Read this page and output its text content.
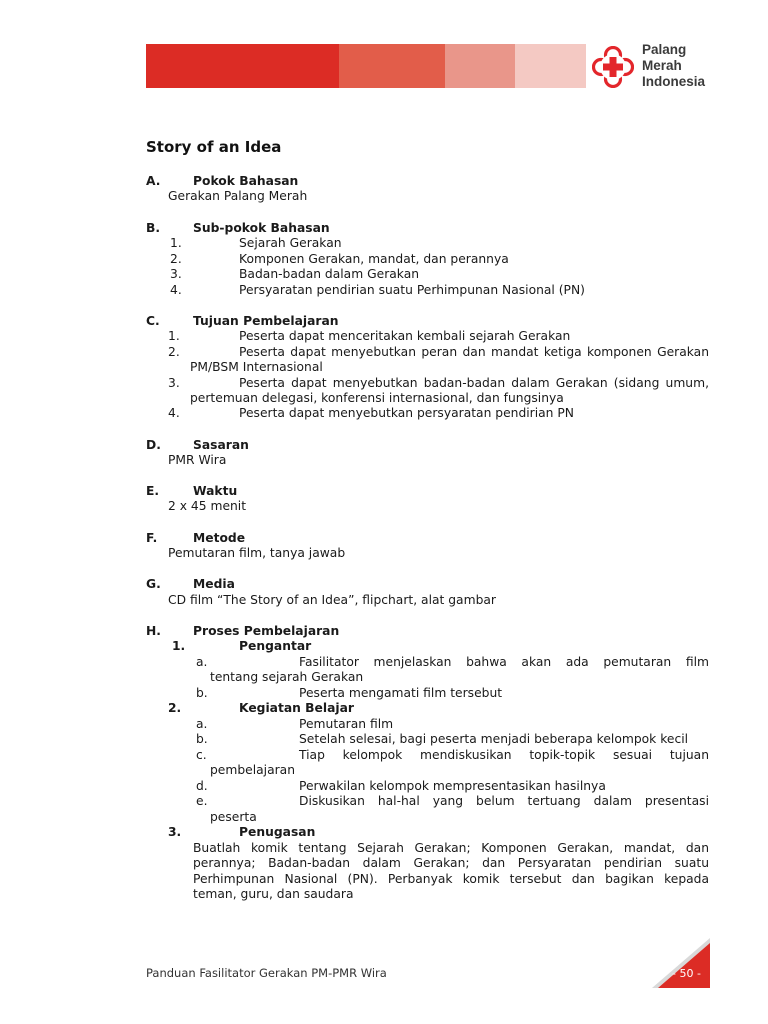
Palang
Merah
Indonesia
Story of an Idea
A.	Pokok Bahasan
Gerakan Palang Merah
B.	Sub-pokok Bahasan
1.	Sejarah Gerakan
2.	Komponen Gerakan, mandat, dan perannya
3.	Badan-badan dalam Gerakan
4.	Persyaratan pendirian suatu Perhimpunan Nasional (PN)
C.	Tujuan Pembelajaran
1.	Peserta dapat menceritakan kembali sejarah Gerakan
2.	Peserta dapat menyebutkan peran dan mandat ketiga komponen Gerakan
PM/BSM Internasional
3.	Peserta dapat menyebutkan badan-badan dalam Gerakan (sidang umum,
pertemuan delegasi, konferensi internasional, dan fungsinya
4.	Peserta dapat menyebutkan persyaratan pendirian PN
D.	Sasaran
PMR Wira
E.	Waktu
2 x 45 menit
F.	Metode
Pemutaran film, tanya jawab
G.	Media
CD film “The Story of an Idea”, flipchart, alat gambar
H.	Proses Pembelajaran
1.	Pengantar
a.	Fasilitator menjelaskan bahwa akan ada pemutaran film
tentang sejarah Gerakan
b.	Peserta mengamati film tersebut
2.	Kegiatan Belajar
a.	Pemutaran film
b.	Setelah selesai, bagi peserta menjadi beberapa kelompok kecil
c.	Tiap kelompok mendiskusikan topik-topik sesuai tujuan
pembelajaran
d.	Perwakilan kelompok mempresentasikan hasilnya
e.	Diskusikan hal-hal yang belum tertuang dalam presentasi
peserta
3.	Penugasan
Buatlah komik tentang Sejarah Gerakan; Komponen Gerakan, mandat, dan
perannya; Badan-badan dalam Gerakan; dan Persyaratan pendirian suatu
Perhimpunan Nasional (PN). Perbanyak komik tersebut dan bagikan kepada
teman, guru, dan saudara
Panduan Fasilitator Gerakan PM-PMR Wira	- 50 -
